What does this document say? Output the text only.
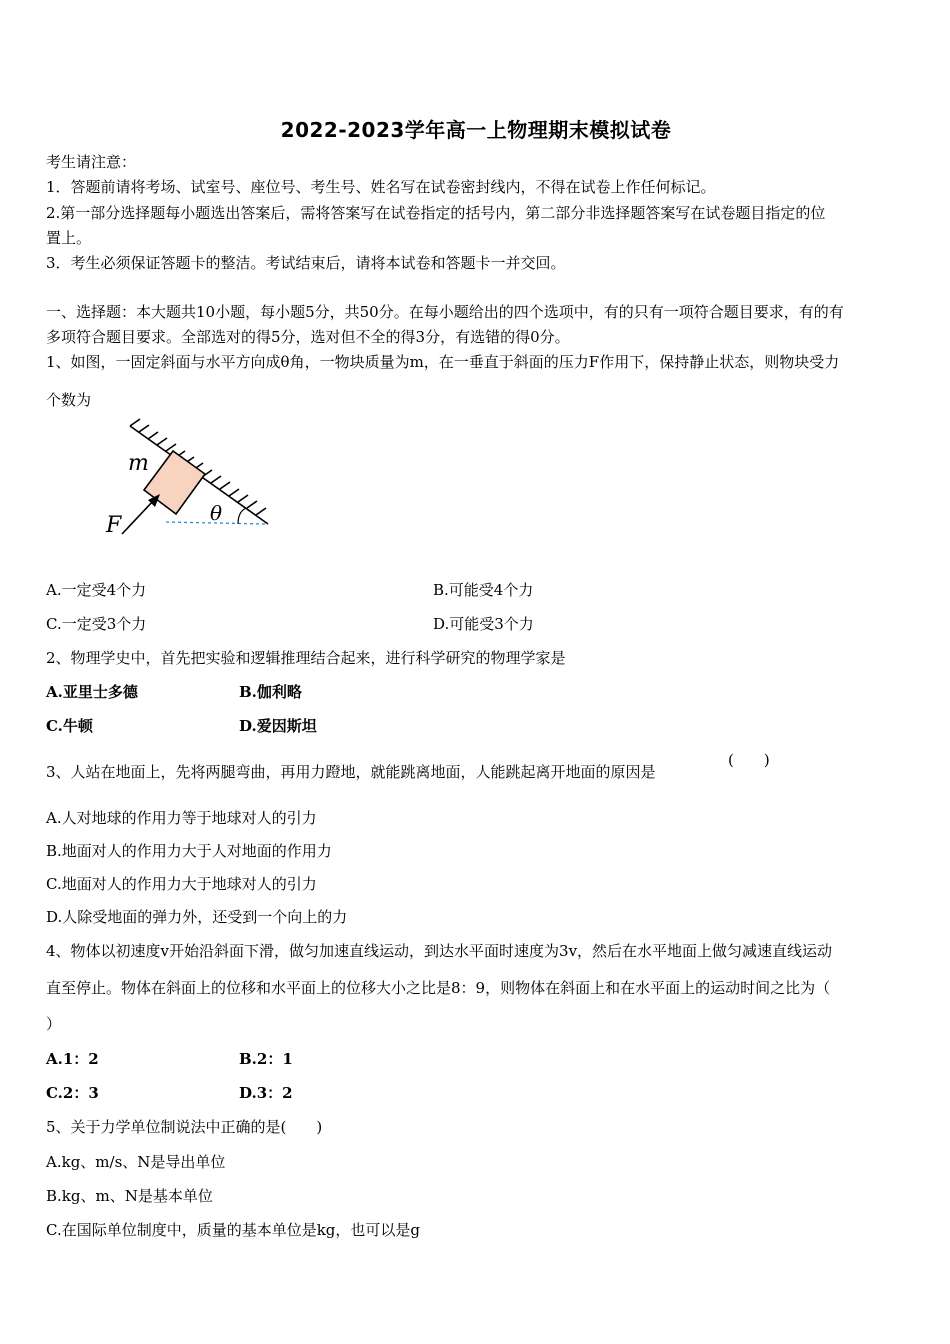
2022-2023学年高一上物理期末模拟试卷
考生请注意：
1．答题前请将考场、试室号、座位号、考生号、姓名写在试卷密封线内，不得在试卷上作任何标记。
2.第一部分选择题每小题选出答案后，需将答案写在试卷指定的括号内，第二部分非选择题答案写在试卷题目指定的位
置上。
3．考生必须保证答题卡的整洁。考试结束后，请将本试卷和答题卡一并交回。
一、选择题：本大题共10小题，每小题5分，共50分。在每小题给出的四个选项中，有的只有一项符合题目要求，有的有
多项符合题目要求。全部选对的得5分，选对但不全的得3分，有选错的得0分。
1、如图，一固定斜面与水平方向成θ角，一物块质量为m，在一垂直于斜面的压力F作用下，保持静止状态，则物块受力
个数为
m
F	θ
A.一定受4个力	B.可能受4个力
C.一定受3个力	D.可能受3个力
2、物理学史中，首先把实验和逻辑推理结合起来，进行科学研究的物理学家是
A.亚里士多德	B.伽利略
C.牛顿	D.爱因斯坦
3、人站在地面上，先将两腿弯曲，再用力蹬地，就能跳离地面，人能跳起离开地面的原因是
(　　)
A.人对地球的作用力等于地球对人的引力
B.地面对人的作用力大于人对地面的作用力
C.地面对人的作用力大于地球对人的引力
D.人除受地面的弹力外，还受到一个向上的力
4、物体以初速度v开始沿斜面下滑，做匀加速直线运动，到达水平面时速度为3v，然后在水平地面上做匀减速直线运动
直至停止。物体在斜面上的位移和水平面上的位移大小之比是8：9，则物体在斜面上和在水平面上的运动时间之比为（
）
A.1：2	B.2：1
C.2：3	D.3：2
5、关于力学单位制说法中正确的是(　　)
A.kg、m/s、N是导出单位
B.kg、m、N是基本单位
C.在国际单位制度中，质量的基本单位是kg，也可以是g
